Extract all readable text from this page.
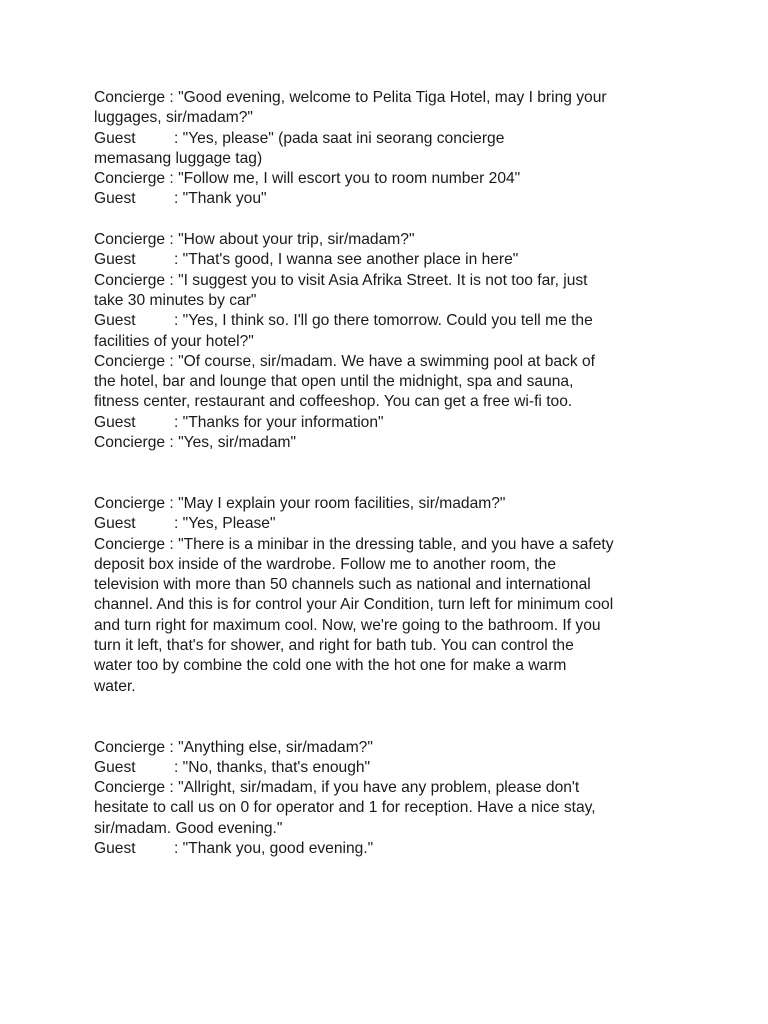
Concierge : "Good evening, welcome to Pelita Tiga Hotel, may I bring your
luggages, sir/madam?"
Guest : "Yes, please" (pada saat ini seorang concierge
memasang luggage tag)
Concierge : "Follow me, I will escort you to room number 204"
Guest : "Thank you"
Concierge : "How about your trip, sir/madam?"
Guest : "That's good, I wanna see another place in here"
Concierge : "I suggest you to visit Asia Afrika Street. It is not too far, just
take 30 minutes by car"
Guest : "Yes, I think so. I'll go there tomorrow. Could you tell me the
facilities of your hotel?"
Concierge : "Of course, sir/madam. We have a swimming pool at back of
the hotel, bar and lounge that open until the midnight, spa and sauna,
fitness center, restaurant and coffeeshop. You can get a free wi-fi too.
Guest : "Thanks for your information"
Concierge : "Yes, sir/madam"
Concierge : "May I explain your room facilities, sir/madam?"
Guest : "Yes, Please"
Concierge : "There is a minibar in the dressing table, and you have a safety
deposit box inside of the wardrobe. Follow me to another room, the
television with more than 50 channels such as national and international
channel. And this is for control your Air Condition, turn left for minimum cool
and turn right for maximum cool. Now, we're going to the bathroom. If you
turn it left, that's for shower, and right for bath tub. You can control the
water too by combine the cold one with the hot one for make a warm
water.
Concierge : "Anything else, sir/madam?"
Guest : "No, thanks, that's enough"
Concierge : "Allright, sir/madam, if you have any problem, please don't
hesitate to call us on 0 for operator and 1 for reception. Have a nice stay,
sir/madam. Good evening."
Guest : "Thank you, good evening."
